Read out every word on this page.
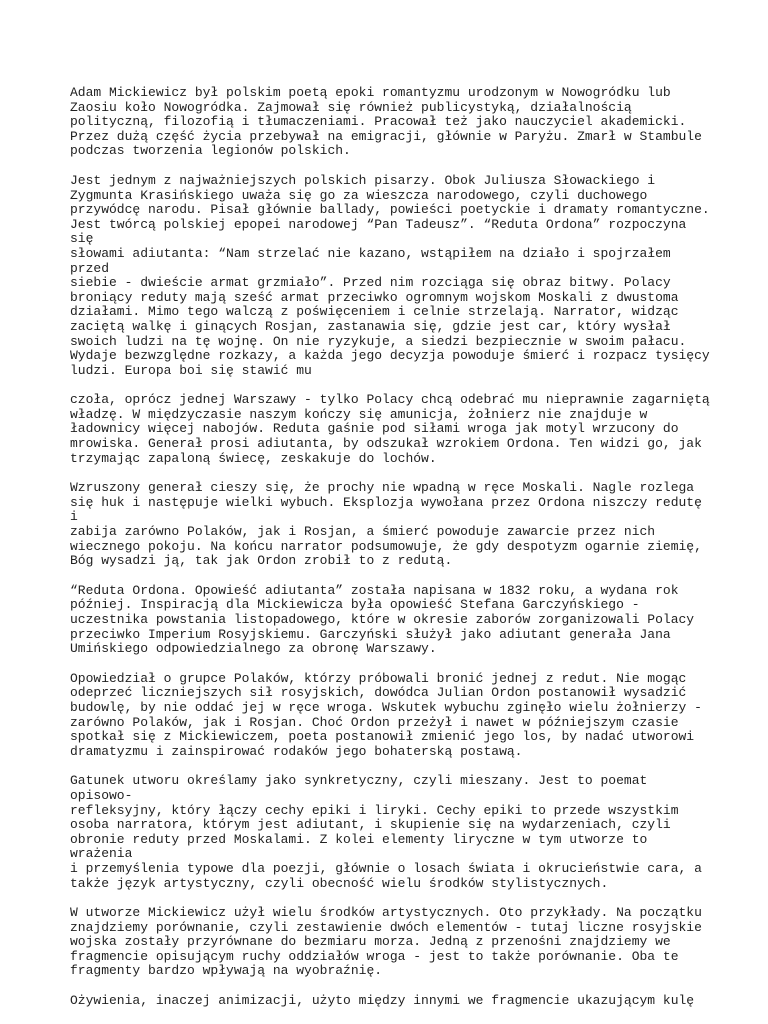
Adam Mickiewicz był polskim poetą epoki romantyzmu urodzonym w Nowogródku lub
Zaosiu koło Nowogródka. Zajmował się również publicystyką, działalnością
polityczną, filozofią i tłumaczeniami. Pracował też jako nauczyciel akademicki.
Przez dużą część życia przebywał na emigracji, głównie w Paryżu. Zmarł w Stambule
podczas tworzenia legionów polskich.

Jest jednym z najważniejszych polskich pisarzy. Obok Juliusza Słowackiego i
Zygmunta Krasińskiego uważa się go za wieszcza narodowego, czyli duchowego
przywódcę narodu. Pisał głównie ballady, powieści poetyckie i dramaty romantyczne.
Jest twórcą polskiej epopei narodowej “Pan Tadeusz”. “Reduta Ordona” rozpoczyna się
słowami adiutanta: “Nam strzelać nie kazano, wstąpiłem na działo i spojrzałem przed
siebie - dwieście armat grzmiało”. Przed nim rozciąga się obraz bitwy. Polacy
broniący reduty mają sześć armat przeciwko ogromnym wojskom Moskali z dwustoma
działami. Mimo tego walczą z poświęceniem i celnie strzelają. Narrator, widząc
zaciętą walkę i ginących Rosjan, zastanawia się, gdzie jest car, który wysłał
swoich ludzi na tę wojnę. On nie ryzykuje, a siedzi bezpiecznie w swoim pałacu.
Wydaje bezwzględne rozkazy, a każda jego decyzja powoduje śmierć i rozpacz tysięcy
ludzi. Europa boi się stawić mu

czoła, oprócz jednej Warszawy - tylko Polacy chcą odebrać mu nieprawnie zagarniętą
władzę. W międzyczasie naszym kończy się amunicja, żołnierz nie znajduje w
ładownicy więcej nabojów. Reduta gaśnie pod siłami wroga jak motyl wrzucony do
mrowiska. Generał prosi adiutanta, by odszukał wzrokiem Ordona. Ten widzi go, jak
trzymając zapaloną świecę, zeskakuje do lochów.

Wzruszony generał cieszy się, że prochy nie wpadną w ręce Moskali. Nagle rozlega
się huk i następuje wielki wybuch. Eksplozja wywołana przez Ordona niszczy redutę i
zabija zarówno Polaków, jak i Rosjan, a śmierć powoduje zawarcie przez nich
wiecznego pokoju. Na końcu narrator podsumowuje, że gdy despotyzm ogarnie ziemię,
Bóg wysadzi ją, tak jak Ordon zrobił to z redutą.

“Reduta Ordona. Opowieść adiutanta” została napisana w 1832 roku, a wydana rok
później. Inspiracją dla Mickiewicza była opowieść Stefana Garczyńskiego -
uczestnika powstania listopadowego, które w okresie zaborów zorganizowali Polacy
przeciwko Imperium Rosyjskiemu. Garczyński służył jako adiutant generała Jana
Umińskiego odpowiedzialnego za obronę Warszawy.

Opowiedział o grupce Polaków, którzy próbowali bronić jednej z redut. Nie mogąc
odeprzeć liczniejszych sił rosyjskich, dowódca Julian Ordon postanowił wysadzić
budowlę, by nie oddać jej w ręce wroga. Wskutek wybuchu zginęło wielu żołnierzy -
zarówno Polaków, jak i Rosjan. Choć Ordon przeżył i nawet w późniejszym czasie
spotkał się z Mickiewiczem, poeta postanowił zmienić jego los, by nadać utworowi
dramatyzmu i zainspirować rodaków jego bohaterską postawą.

Gatunek utworu określamy jako synkretyczny, czyli mieszany. Jest to poemat opisowo-
refleksyjny, który łączy cechy epiki i liryki. Cechy epiki to przede wszystkim
osoba narratora, którym jest adiutant, i skupienie się na wydarzeniach, czyli
obronie reduty przed Moskalami. Z kolei elementy liryczne w tym utworze to wrażenia
i przemyślenia typowe dla poezji, głównie o losach świata i okrucieństwie cara, a
także język artystyczny, czyli obecność wielu środków stylistycznych.

W utworze Mickiewicz użył wielu środków artystycznych. Oto przykłady. Na początku
znajdziemy porównanie, czyli zestawienie dwóch elementów - tutaj liczne rosyjskie
wojska zostały przyrównane do bezmiaru morza. Jedną z przenośni znajdziemy we
fragmencie opisującym ruchy oddziałów wroga - jest to także porównanie. Oba te
fragmenty bardzo wpływają na wyobraźnię.

Ożywienia, inaczej animizacji, użyto między innymi we fragmencie ukazującym kulę
